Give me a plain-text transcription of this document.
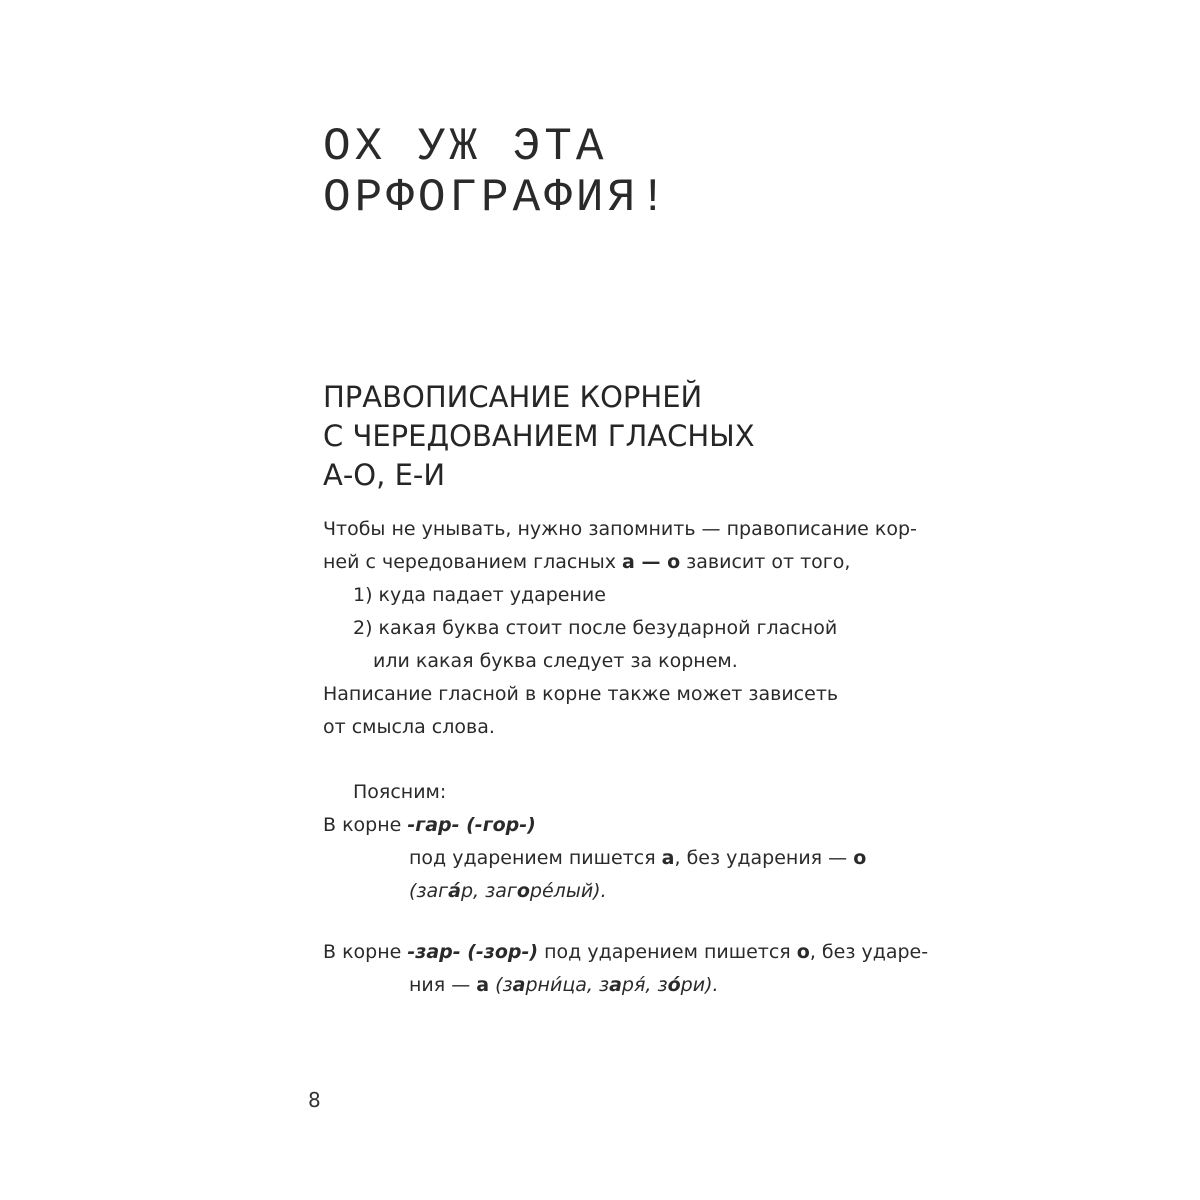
ОХ УЖ ЭТА
ОРФОГРАФИЯ!
ПРАВОПИСАНИЕ КОРНЕЙ
С ЧЕРЕДОВАНИЕМ ГЛАСНЫХ
А-О, Е-И
Чтобы не унывать, нужно запомнить — правописание кор-
ней с чередованием гласных а — о зависит от того,
1) куда падает ударение
2) какая буква стоит после безударной гласной
или какая буква следует за корнем.
Написание гласной в корне также может зависеть
от смысла слова.
Поясним:
В корне -гар- (-гор-)
под ударением пишется а, без ударения — о
(зага́р, загоре́лый).
В корне -зар- (-зор-) под ударением пишется о, без ударе-
ния — а (зарни́ца, заря́, зо́ри).
8
